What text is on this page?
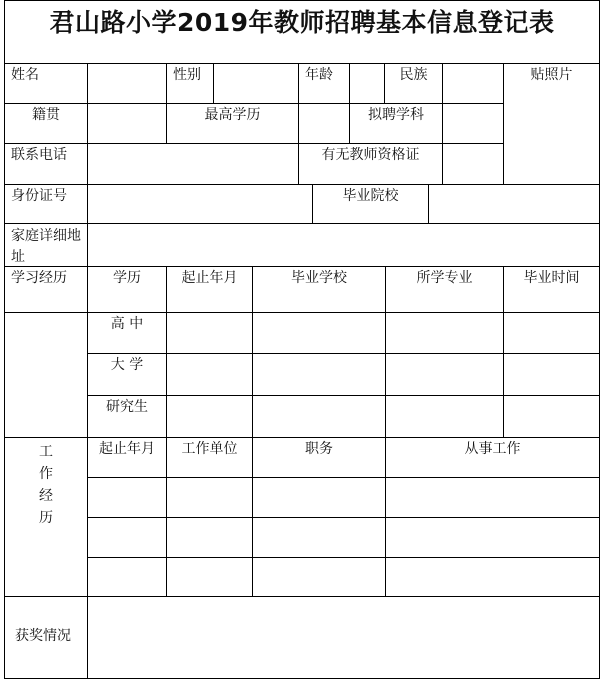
君山路小学2019年教师招聘基本信息登记表
姓名	性别	年龄	民族	贴照片
籍贯	最高学历	拟聘学科
联系电话	有无教师资格证
身份证号	毕业院校
家庭详细地址
学习经历	学历	起止年月	毕业学校	所学专业	毕业时间
高 中
大 学
研究生
工作经历
起止年月	工作单位	职务	从事工作
获奖情况
